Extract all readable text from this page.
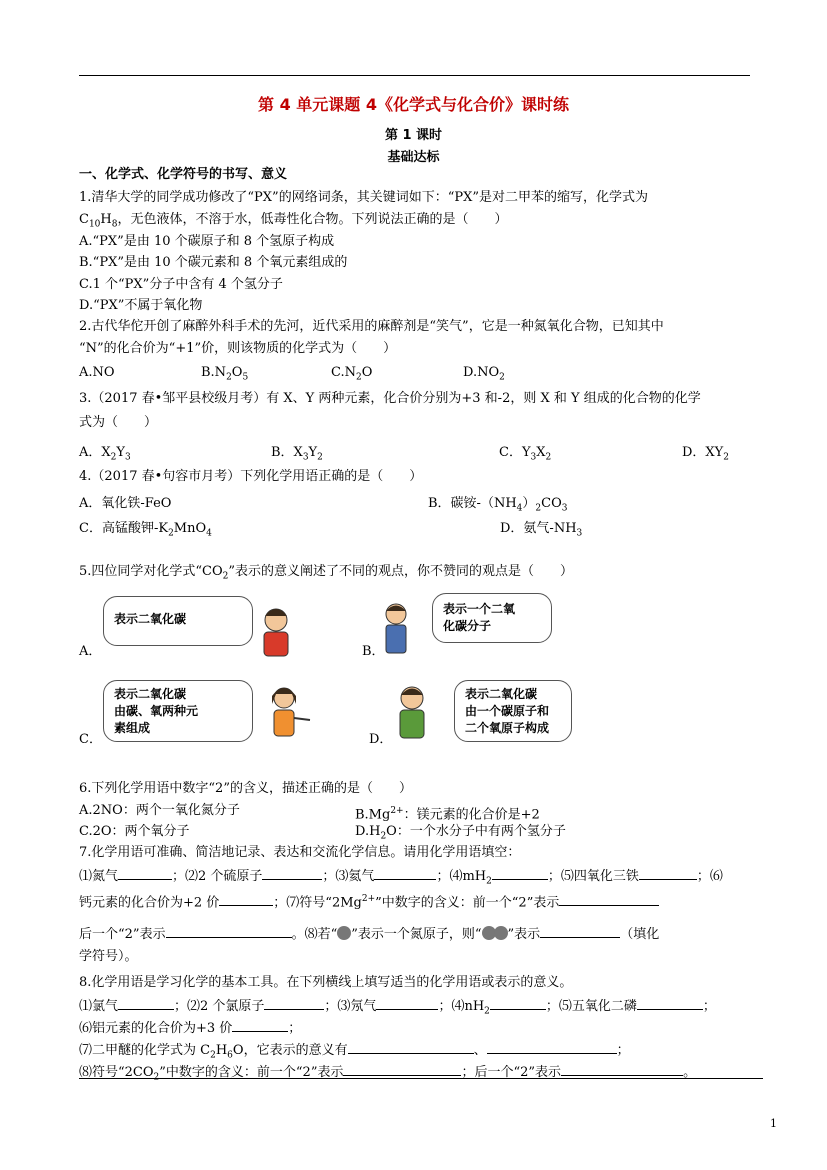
第 4 单元课题 4《化学式与化合价》课时练
第 1 课时
基础达标
一、化学式、化学符号的书写、意义
1.清华大学的同学成功修改了“PX”的网络词条，其关键词如下：“PX”是对二甲苯的缩写，化学式为
$C_{10}H_8$，无色液体，不溶于水，低毒性化合物。下列说法正确的是（　　）
A.“PX”是由 10 个碳原子和 8 个氢原子构成
B.“PX”是由 10 个碳元素和 8 个氧元素组成的
C.1 个“PX”分子中含有 4 个氢分子
D.“PX”不属于氧化物
2.古代华佗开创了麻醉外科手术的先河，近代采用的麻醉剂是“笑气”，它是一种氮氧化合物，已知其中
“N”的化合价为“+1”价，则该物质的化学式为（　　）
A.NO	$B.N_2O_5$	$C.N_2O$	$D.NO_2$
3.（2017 春•邹平县校级月考）有 X、Y 两种元素，化合价分别为+3 和-2，则 X 和 Y 组成的化合物的化学
式为（　　）
A．$X_2Y_3$	B．$X_3Y_2$	C．$Y_3X_2$	D．$XY_2$
4.（2017 春•句容市月考）下列化学用语正确的是（　　）
A．氧化铁-FeO	B．碳铵$-(NH_4)_2CO_3$
C．高锰酸钾$-K_2MnO_4$	D．氨气$-NH_3$
5.四位同学对化学式“$CO_2$”表示的意义阐述了不同的观点，你不赞同的观点是（　　）
A．
表示二氧化碳
B．
表示一个二氧
化碳分子
C．
表示二氧化碳
由碳、氧两种元
素组成
D．
表示二氧化碳
由一个碳原子和
二个氧原子构成
6.下列化学用语中数字“2”的含义，描述正确的是（　　）
A.2NO：两个一氧化氮分子	$B.Mg^{2+}$：镁元素的化合价是+2
C.2O：两个氧分子	$D.H_2O$：一个水分子中有两个氢分子
7.化学用语可准确、简洁地记录、表达和交流化学信息。请用化学用语填空：
⑴氮气	；⑵2 个硫原子	；⑶氦气	；$⑷mH_2$	；⑸四氧化三铁	；⑹
钙元素的化合价为+2 价	；⑺符号“$2Mg^{2+}$”中数字的含义：前一个“2”表示
后一个“2”表示	。⑻若“ ”表示一个氮原子，则“ ”表示	（填化
学符号）。
8.化学用语是学习化学的基本工具。在下列横线上填写适当的化学用语或表示的意义。
⑴氯气	；⑵2 个氯原子	；⑶氖气	；$⑷nH_2$	；⑸五氧化二磷	；
⑹铝元素的化合价为+3 价	；
⑺二甲醚的化学式为 $C_2H_6O$，它表示的意义有	、	；
⑻符号“$2CO_2$”中数字的含义：前一个“2”表示	；后一个“2”表示	。
1
